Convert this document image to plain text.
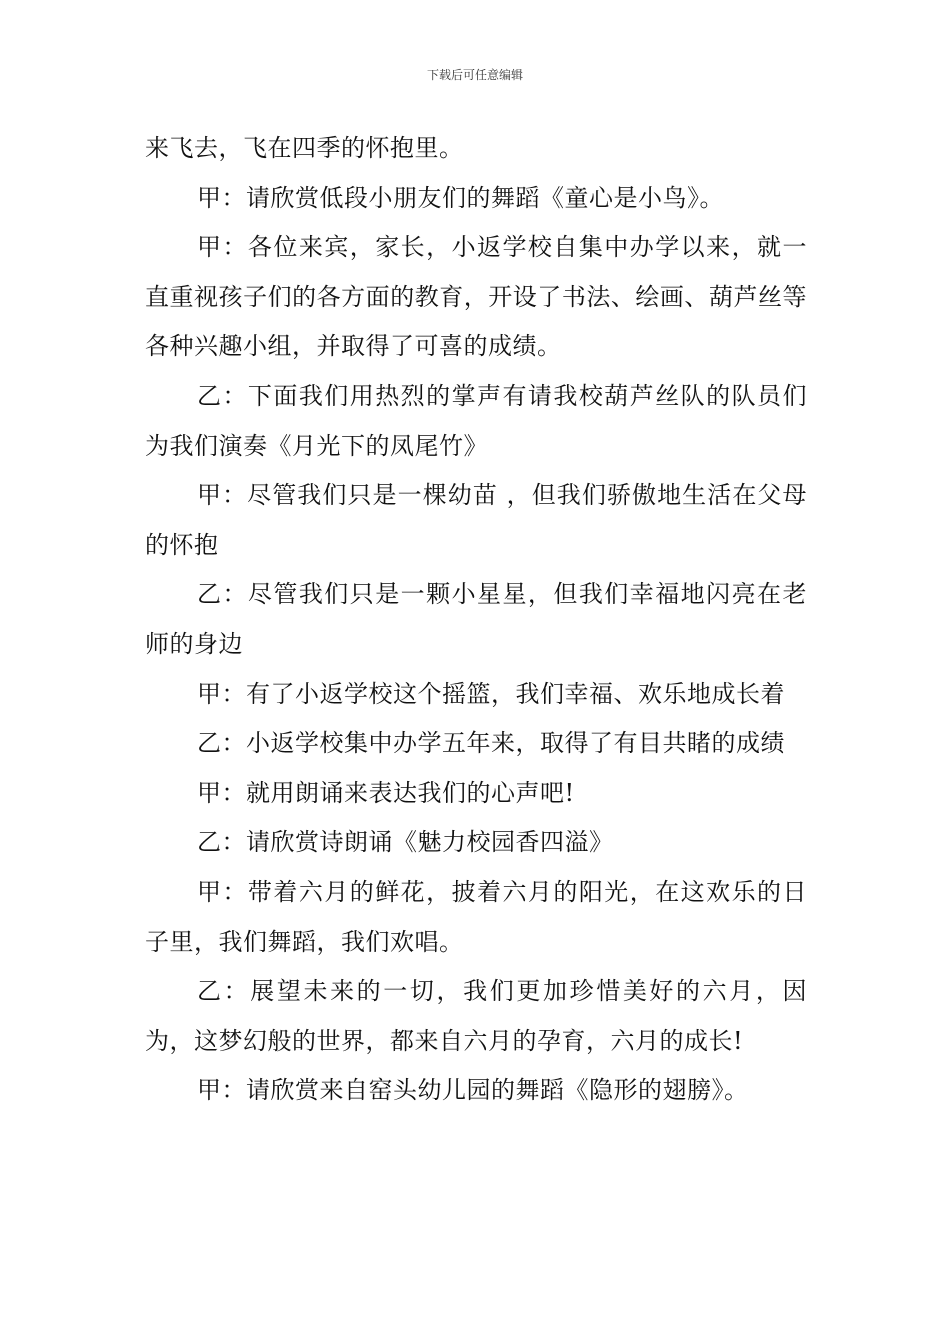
下载后可任意编辑

来飞去，飞在四季的怀抱里。

甲：请欣赏低段小朋友们的舞蹈《童心是小鸟》。

甲：各位来宾，家长，小返学校自集中办学以来，就一直重视孩子们的各方面的教育，开设了书法、绘画、葫芦丝等各种兴趣小组，并取得了可喜的成绩。

乙：下面我们用热烈的掌声有请我校葫芦丝队的队员们为我们演奏《月光下的凤尾竹》

甲：尽管我们只是一棵幼苗 ，但我们骄傲地生活在父母的怀抱

乙：尽管我们只是一颗小星星，但我们幸福地闪亮在老师的身边

甲：有了小返学校这个摇篮，我们幸福、欢乐地成长着

乙：小返学校集中办学五年来，取得了有目共睹的成绩

甲：就用朗诵来表达我们的心声吧!

乙：请欣赏诗朗诵《魅力校园香四溢》

甲：带着六月的鲜花，披着六月的阳光，在这欢乐的日子里，我们舞蹈，我们欢唱。

乙：展望未来的一切，我们更加珍惜美好的六月，因为，这梦幻般的世界，都来自六月的孕育，六月的成长!

甲：请欣赏来自窑头幼儿园的舞蹈《隐形的翅膀》。
